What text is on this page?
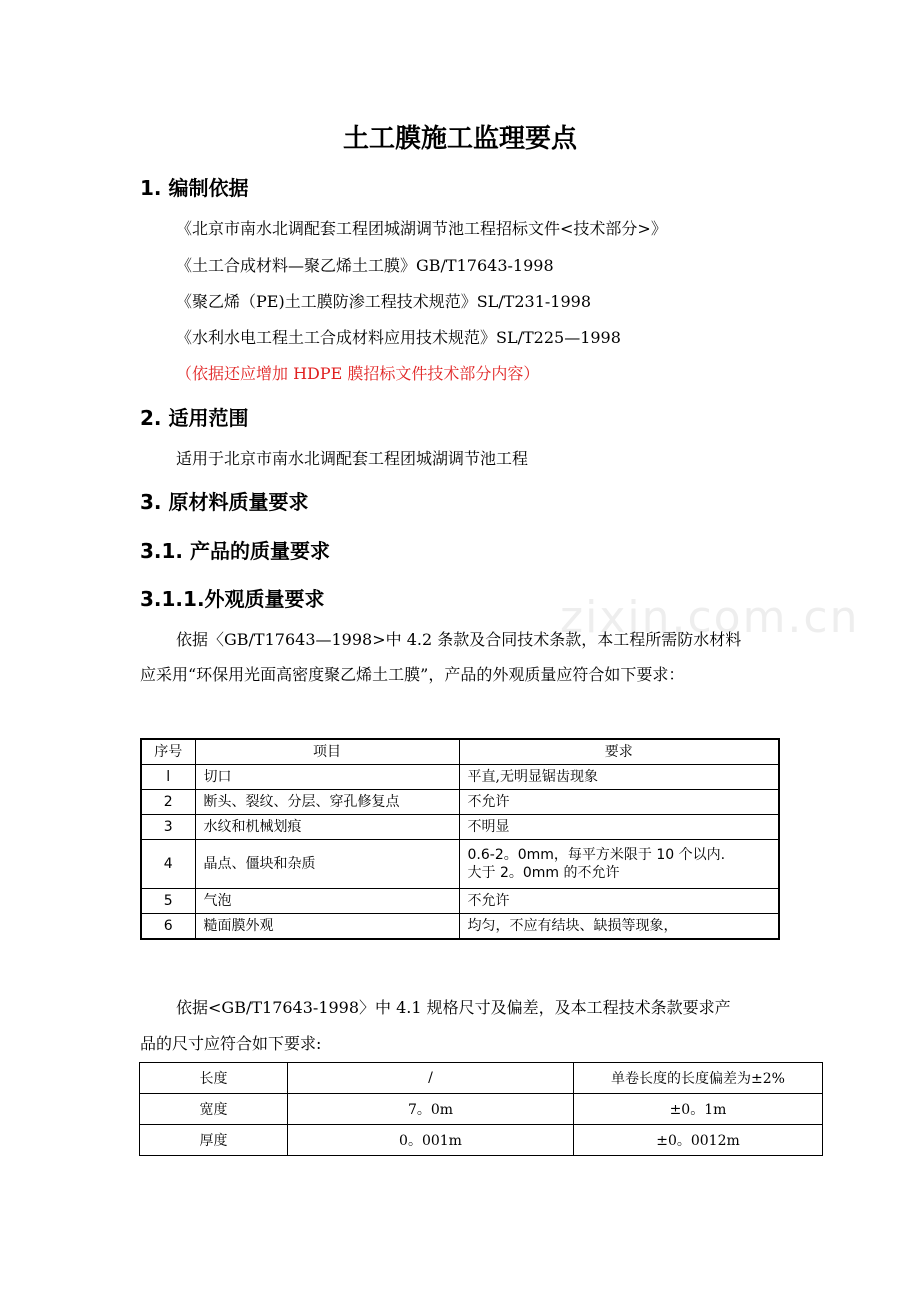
zixin.com.cn
土工膜施工监理要点
1. 编制依据

《北京市南水北调配套工程团城湖调节池工程招标文件<技术部分>》

《土工合成材料—聚乙烯土工膜》GB/T17643-1998

《聚乙烯（PE)土工膜防渗工程技术规范》SL/T231-1998

《水利水电工程土工合成材料应用技术规范》SL/T225—1998

（依据还应增加 HDPE 膜招标文件技术部分内容）

2. 适用范围

适用于北京市南水北调配套工程团城湖调节池工程

3. 原材料质量要求
3.1. 产品的质量要求
3.1.1.外观质量要求

依据〈GB/T17643—1998>中 4.2 条款及合同技术条款，本工程所需防水材料

应采用“环保用光面高密度聚乙烯土工膜”，产品的外观质量应符合如下要求：

序号	项目	要求
l	切口	平直,无明显锯齿现象
2	断头、裂纹、分层、穿孔修复点	不允许
3	水纹和机械划痕	不明显
4	晶点、僵块和杂质	0.6-2。0mm，每平方米限于 10 个以内.
大于 2。0mm 的不允许

5	气泡	不允许
6	糙面膜外观	均匀，不应有结块、缺损等现象，

依据<GB/T17643-1998〉中 4.1 规格尺寸及偏差，及本工程技术条款要求产

品的尺寸应符合如下要求:

长度	/	单卷长度的长度偏差为±2%
宽度	7。0m	±0。1m
厚度	0。001m	±0。0012m
